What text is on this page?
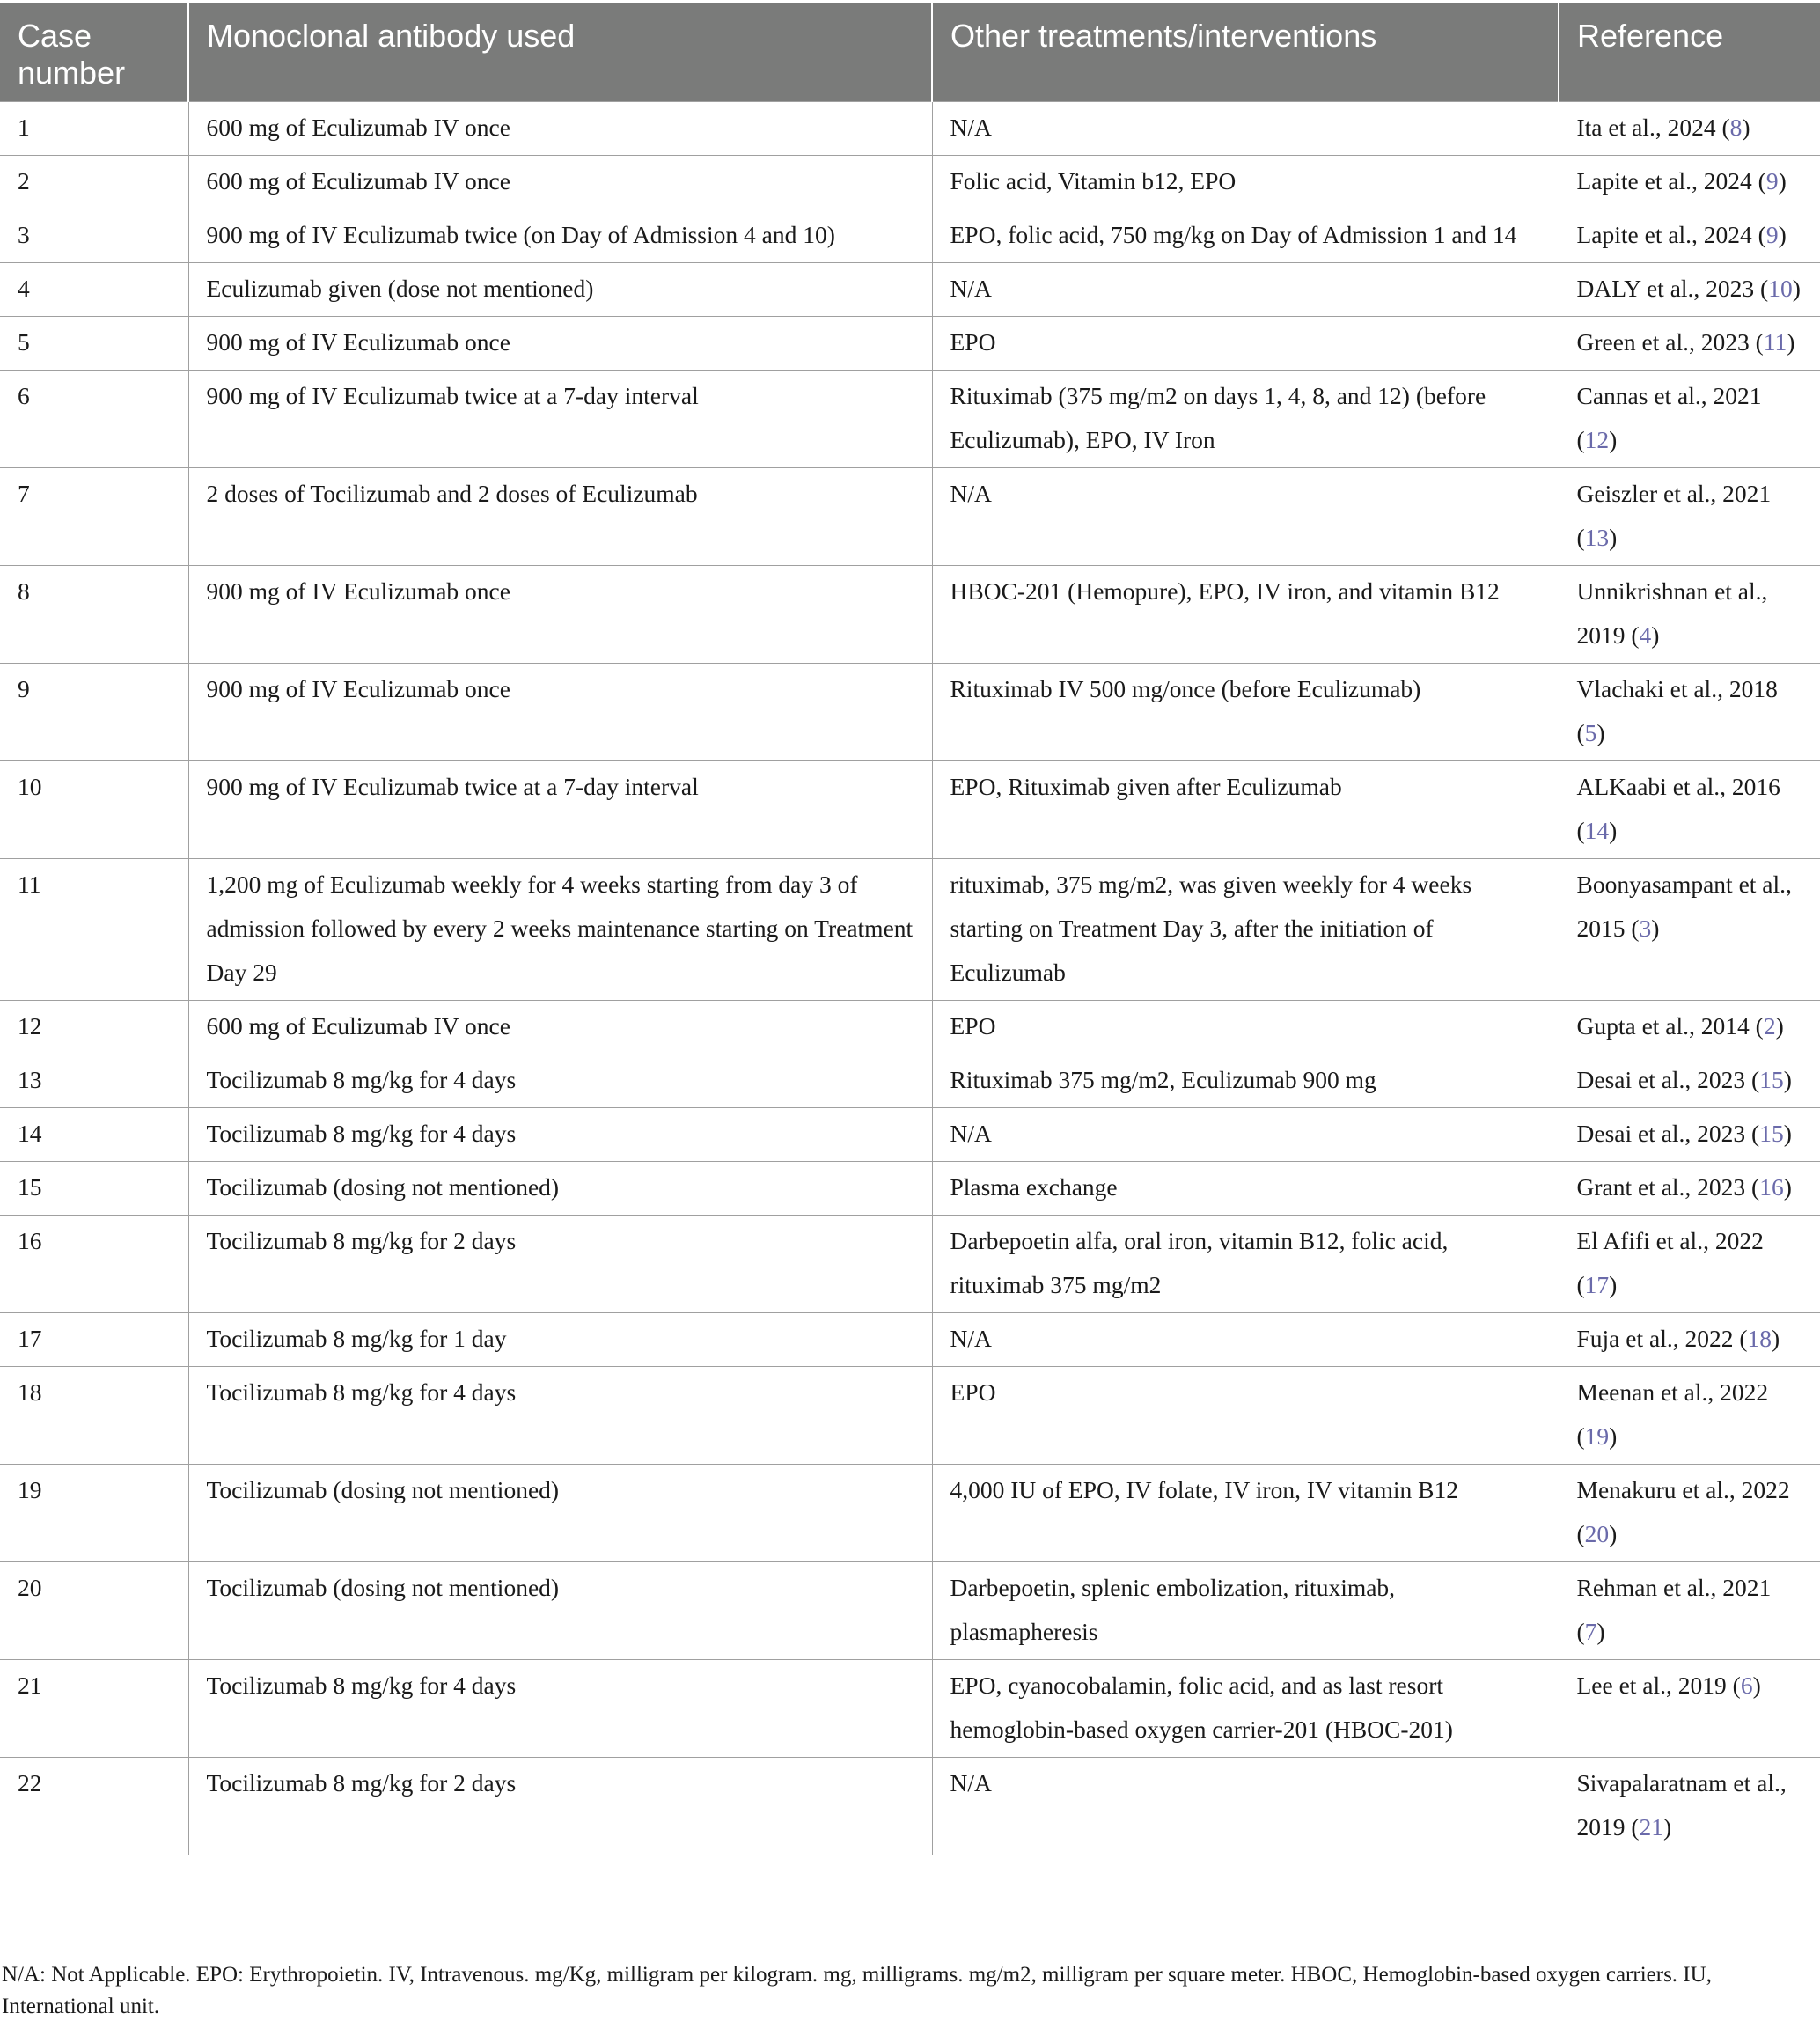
Case number	Monoclonal antibody used	Other treatments/interventions	Reference
1	600 mg of Eculizumab IV once	N/A	Ita et al., 2024 (8)
2	600 mg of Eculizumab IV once	Folic acid, Vitamin b12, EPO	Lapite et al., 2024 (9)
3	900 mg of IV Eculizumab twice (on Day of Admission 4 and 10)	EPO, folic acid, 750 mg/kg on Day of Admission 1 and 14	Lapite et al., 2024 (9)
4	Eculizumab given (dose not mentioned)	N/A	DALY et al., 2023 (10)
5	900 mg of IV Eculizumab once	EPO	Green et al., 2023 (11)
6	900 mg of IV Eculizumab twice at a 7-day interval	Rituximab (375 mg/m2 on days 1, 4, 8, and 12) (before Eculizumab), EPO, IV Iron	Cannas et al., 2021 (12)
7	2 doses of Tocilizumab and 2 doses of Eculizumab	N/A	Geiszler et al., 2021 (13)
8	900 mg of IV Eculizumab once	HBOC-201 (Hemopure), EPO, IV iron, and vitamin B12	Unnikrishnan et al., 2019 (4)
9	900 mg of IV Eculizumab once	Rituximab IV 500 mg/once (before Eculizumab)	Vlachaki et al., 2018 (5)
10	900 mg of IV Eculizumab twice at a 7-day interval	EPO, Rituximab given after Eculizumab	ALKaabi et al., 2016 (14)
11	1,200 mg of Eculizumab weekly for 4 weeks starting from day 3 of admission followed by every 2 weeks maintenance starting on Treatment Day 29	rituximab, 375 mg/m2, was given weekly for 4 weeks starting on Treatment Day 3, after the initiation of Eculizumab	Boonyasampant et al., 2015 (3)
12	600 mg of Eculizumab IV once	EPO	Gupta et al., 2014 (2)
13	Tocilizumab 8 mg/kg for 4 days	Rituximab 375 mg/m2, Eculizumab 900 mg	Desai et al., 2023 (15)
14	Tocilizumab 8 mg/kg for 4 days	N/A	Desai et al., 2023 (15)
15	Tocilizumab (dosing not mentioned)	Plasma exchange	Grant et al., 2023 (16)
16	Tocilizumab 8 mg/kg for 2 days	Darbepoetin alfa, oral iron, vitamin B12, folic acid, rituximab 375 mg/m2	El Afifi et al., 2022 (17)
17	Tocilizumab 8 mg/kg for 1 day	N/A	Fuja et al., 2022 (18)
18	Tocilizumab 8 mg/kg for 4 days	EPO	Meenan et al., 2022 (19)
19	Tocilizumab (dosing not mentioned)	4,000 IU of EPO, IV folate, IV iron, IV vitamin B12	Menakuru et al., 2022 (20)
20	Tocilizumab (dosing not mentioned)	Darbepoetin, splenic embolization, rituximab, plasmapheresis	Rehman et al., 2021 (7)
21	Tocilizumab 8 mg/kg for 4 days	EPO, cyanocobalamin, folic acid, and as last resort hemoglobin-based oxygen carrier-201 (HBOC-201)	Lee et al., 2019 (6)
22	Tocilizumab 8 mg/kg for 2 days	N/A	Sivapalaratnam et al., 2019 (21)
N/A: Not Applicable. EPO: Erythropoietin. IV, Intravenous. mg/Kg, milligram per kilogram. mg, milligrams. mg/m2, milligram per square meter. HBOC, Hemoglobin-based oxygen carriers. IU, International unit.
